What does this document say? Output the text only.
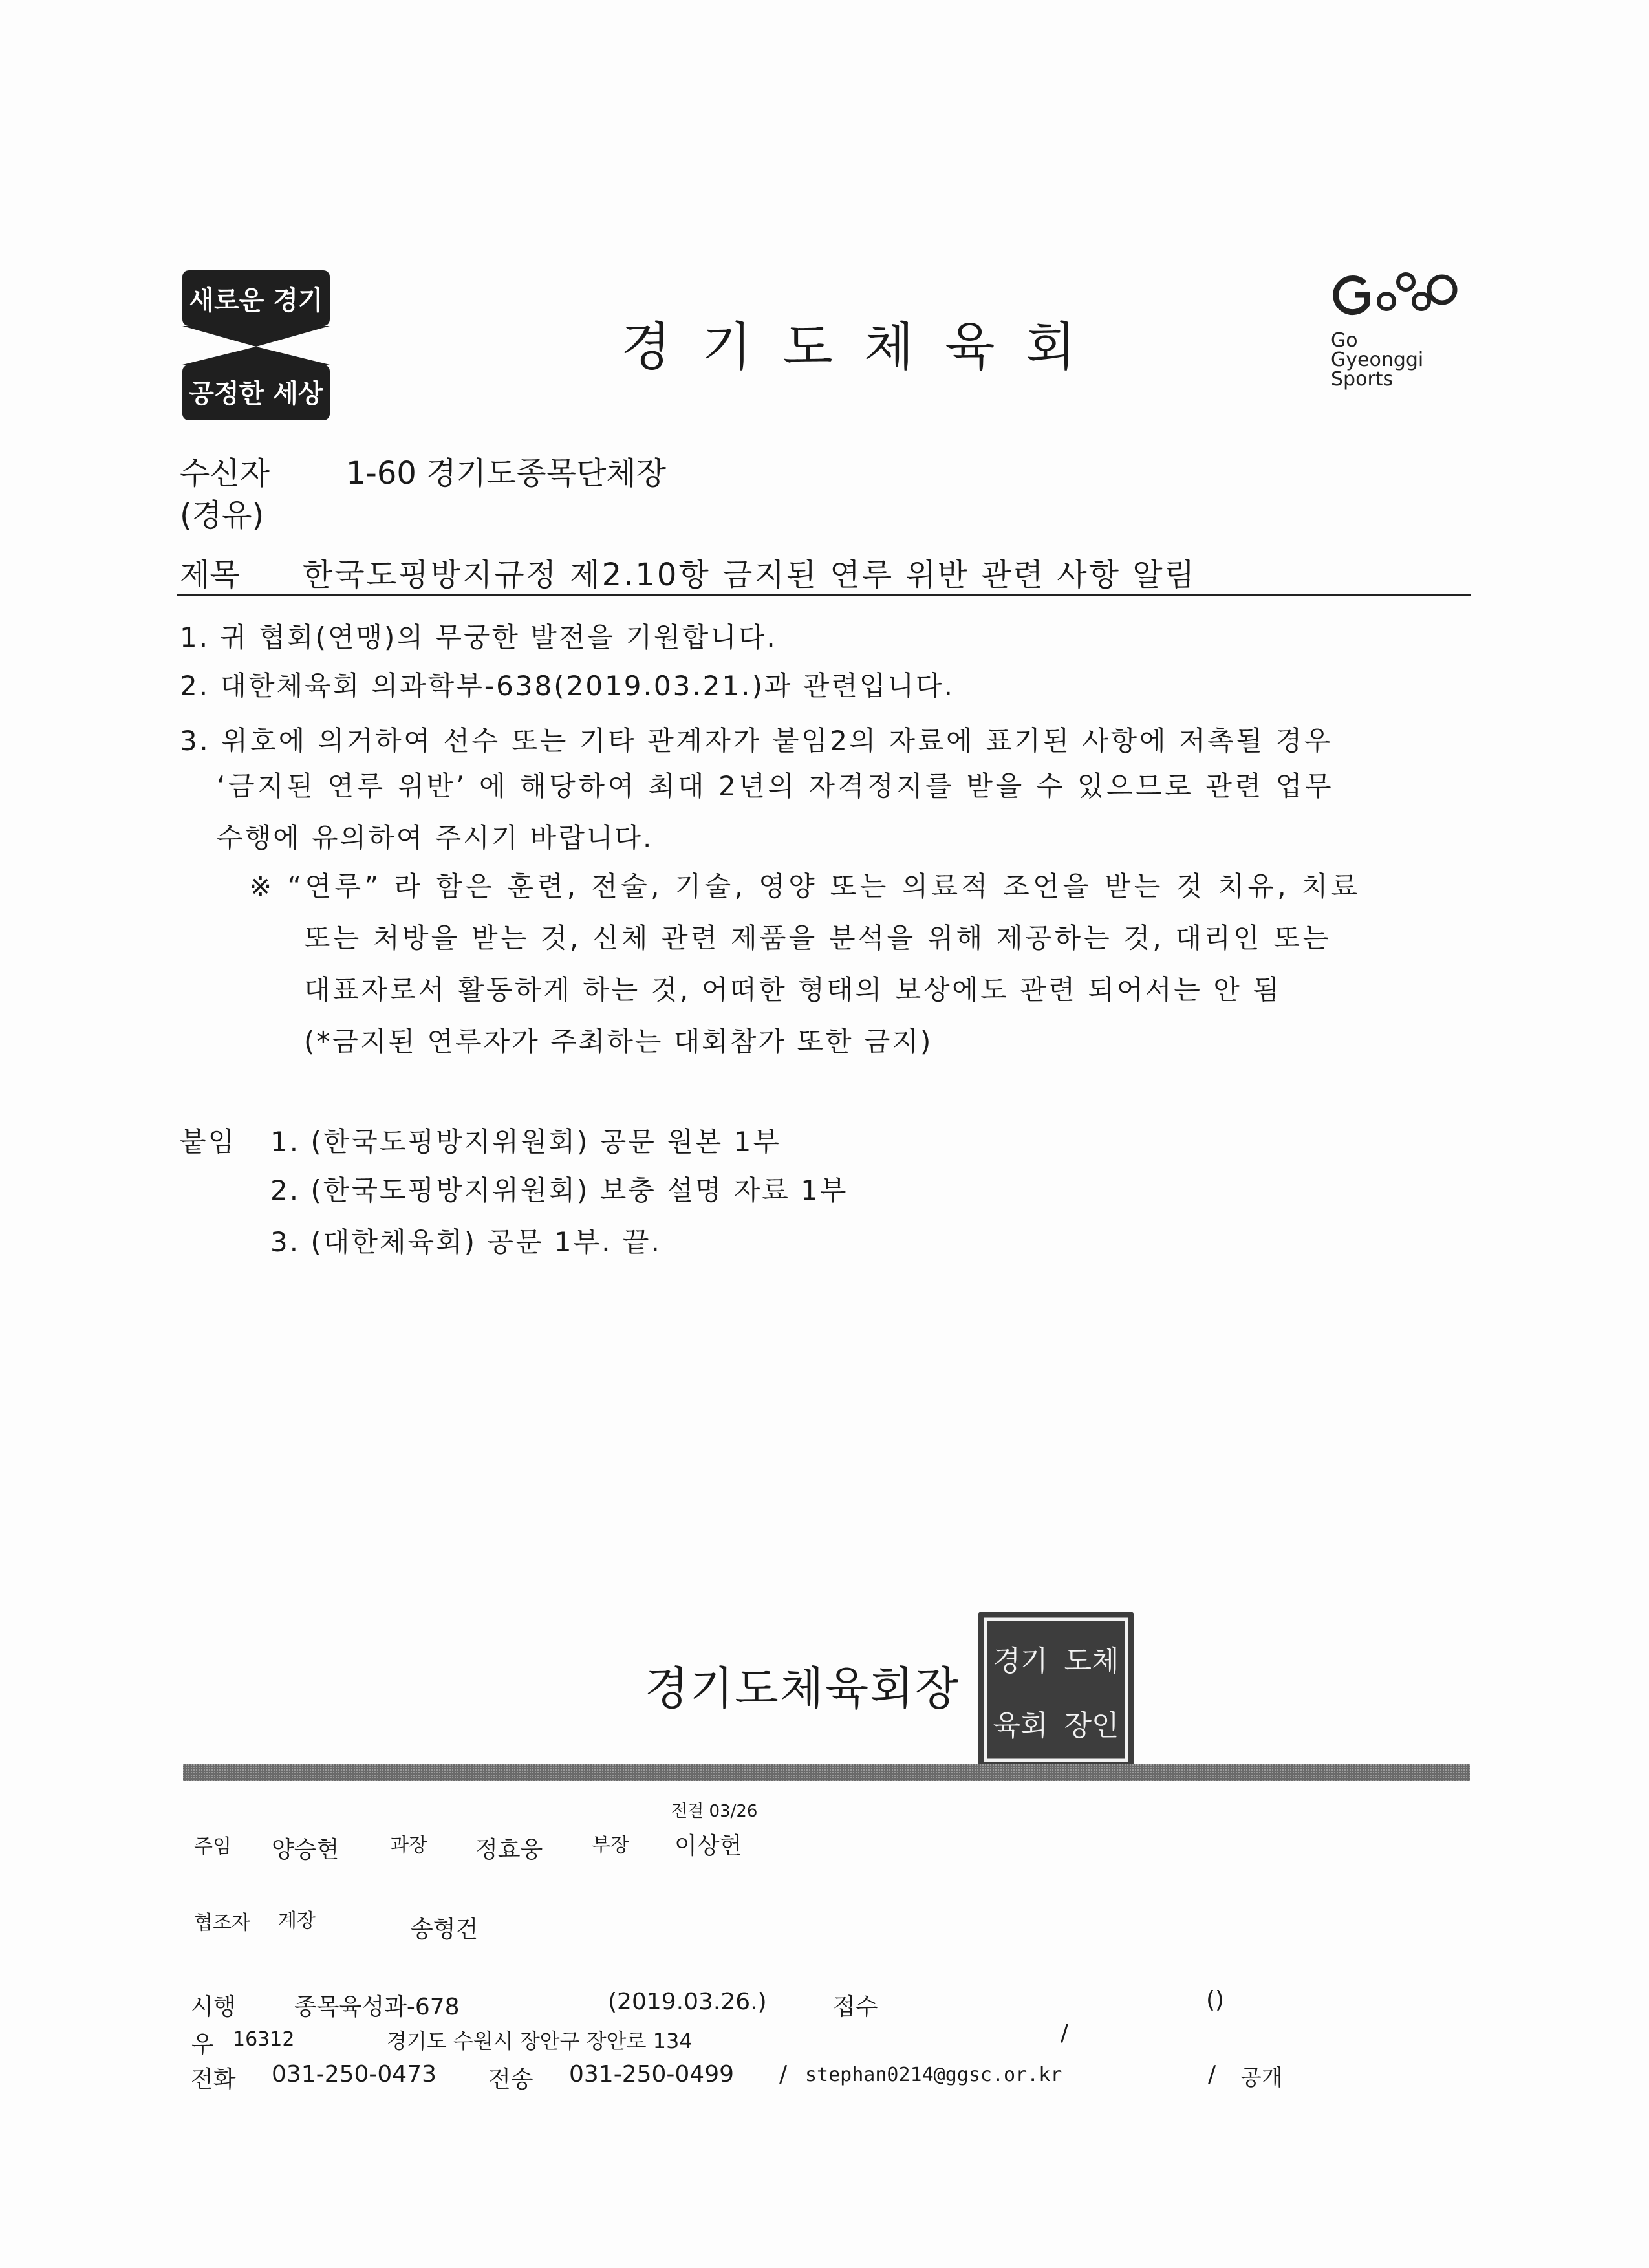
새로운 경기
공정한 세상
경기도체육회	Go
Gyeonggi
Sports
수신자 1-60 경기도종목단체장
(경유)
제목 한국도핑방지규정 제2.10항 금지된 연루 위반 관련 사항 알림
1. 귀 협회(연맹)의 무궁한 발전을 기원합니다.
2. 대한체육회 의과학부-638(2019.03.21.)과 관련입니다.
3. 위호에 의거하여 선수 또는 기타 관계자가 붙임2의 자료에 표기된 사항에 저촉될 경우
‘금지된 연루 위반’ 에 해당하여 최대 2년의 자격정지를 받을 수 있으므로 관련 업무
수행에 유의하여 주시기 바랍니다.
※ “연루” 라 함은 훈련, 전술, 기술, 영양 또는 의료적 조언을 받는 것 치유, 치료
또는 처방을 받는 것, 신체 관련 제품을 분석을 위해 제공하는 것, 대리인 또는
대표자로서 활동하게 하는 것, 어떠한 형태의 보상에도 관련 되어서는 안 됨
(*금지된 연루자가 주최하는 대회참가 또한 금지)
붙임 1. (한국도핑방지위원회) 공문 원본 1부
2. (한국도핑방지위원회) 보충 설명 자료 1부
3. (대한체육회) 공문 1부. 끝.
경기도체육회장
경기 도체
육회 장인
전결 03/26
주임 양승현	과장 정효웅	부장 이상헌
협조자 계장	송형건
시행	종목육성과-678	(2019.03.26.)	접수	()
우 16312	경기도 수원시 장안구 장안로 134	/
전화 031-250-0473 전송 031-250-0499 / stephan0214@ggsc.or.kr	/ 공개
